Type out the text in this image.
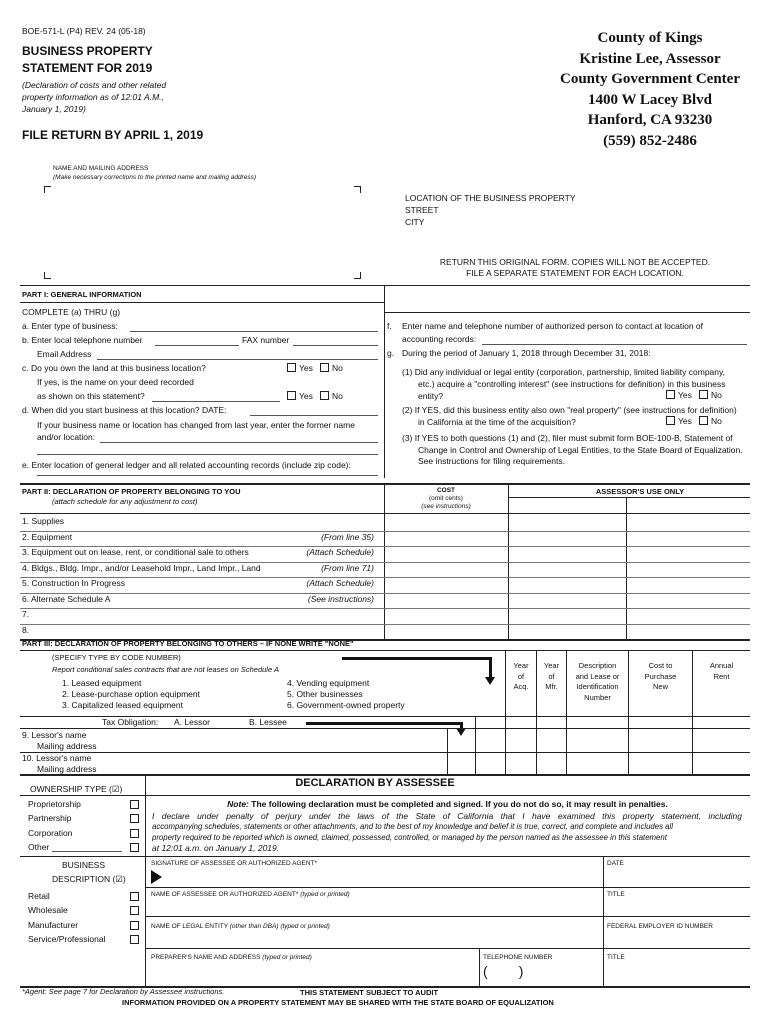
BOE-571-L (P4) REV. 24 (05-18)
BUSINESS PROPERTY
STATEMENT FOR 2019
(Declaration of costs and other related
property information as of 12:01 A.M.,
January 1, 2019)
FILE RETURN BY APRIL 1, 2019
County of Kings
Kristine Lee, Assessor
County Government Center
1400 W Lacey Blvd
Hanford, CA 93230
(559) 852-2486
NAME AND MAILING ADDRESS
(Make necessary corrections to the printed name and mailing address)
LOCATION OF THE BUSINESS PROPERTY
STREET
CITY
RETURN THIS ORIGINAL FORM. COPIES WILL NOT BE ACCEPTED.
FILE A SEPARATE STATEMENT FOR EACH LOCATION.
PART I: GENERAL INFORMATION
COMPLETE (a) THRU (g)
a. Enter type of business:
b. Enter local telephone number	FAX number
Email Address
c. Do you own the land at this business location?	Yes No
If yes, is the name on your deed recorded
as shown on this statement?	Yes No
d. When did you start business at this location? DATE:
If your business name or location has changed from last year, enter the former name
and/or location:
e. Enter location of general ledger and all related accounting records (include zip code):
f. Enter name and telephone number of authorized person to contact at location of
accounting records:
g. During the period of January 1, 2018 through December 31, 2018:
(1) Did any individual or legal entity (corporation, partnership, limited liability company,
etc.) acquire a "controlling interest" (see instructions for definition) in this business
entity?	Yes No
(2) If YES, did this business entity also own "real property" (see instructions for definition)
in California at the time of the acquisition?	Yes No
(3) If YES to both questions (1) and (2), filer must submit form BOE-100-B, Statement of
Change in Control and Ownership of Legal Entities, to the State Board of Equalization.
See instructions for filing requirements.
PART II: DECLARATION OF PROPERTY BELONGING TO YOU
(attach schedule for any adjustment to cost)
COST
(omit cents)
(see instructions)
ASSESSOR'S USE ONLY
1. Supplies
2. Equipment	(From line 35)
3. Equipment out on lease, rent, or conditional sale to others	(Attach Schedule)
4. Bldgs., Bldg. Impr., and/or Leasehold Impr., Land Impr., Land	(From line 71)
5. Construction In Progress	(Attach Schedule)
6. Alternate Schedule A	(See instructions)
7.
8.
PART III: DECLARATION OF PROPERTY BELONGING TO OTHERS – IF NONE WRITE "NONE"
(SPECIFY TYPE BY CODE NUMBER)
Report conditional sales contracts that are not leases on Schedule A
1. Leased equipment
2. Lease-purchase option equipment
3. Capitalized leased equipment
4. Vending equipment
5. Other businesses
6. Government-owned property
Year
of
Acq.
Year
of
Mfr.
Description
and Lease or
Identification
Number
Cost to
Purchase
New
Annual
Rent
Tax Obligation: A. Lessor	B. Lessee
9. Lessor's name
Mailing address
10. Lessor's name
Mailing address
OWNERSHIP TYPE (☑)
Proprietorship
Partnership
Corporation
Other
BUSINESS
DESCRIPTION (☑)
Retail
Wholesale
Manufacturer
Service/Professional
DECLARATION BY ASSESSEE
Note: The following declaration must be completed and signed. If you do not do so, it may result in penalties.
I declare under penalty of perjury under the laws of the State of California that I have examined this property statement, including
accompanying schedules, statements or other attachments, and to the best of my knowledge and belief it is true, correct, and complete and includes all
property required to be reported which is owned, claimed, possessed, controlled, or managed by the person named as the assessee in this statement
at 12:01 a.m. on January 1, 2019.
SIGNATURE OF ASSESSEE OR AUTHORIZED AGENT*	DATE
NAME OF ASSESSEE OR AUTHORIZED AGENT* (typed or printed)	TITLE
NAME OF LEGAL ENTITY (other than DBA) (typed or printed)	FEDERAL EMPLOYER ID NUMBER
PREPARER'S NAME AND ADDRESS (typed or printed)	TELEPHONE NUMBER
(        )
TITLE
*Agent: See page 7 for Declaration by Assessee instructions.	THIS STATEMENT SUBJECT TO AUDIT
INFORMATION PROVIDED ON A PROPERTY STATEMENT MAY BE SHARED WITH THE STATE BOARD OF EQUALIZATION
